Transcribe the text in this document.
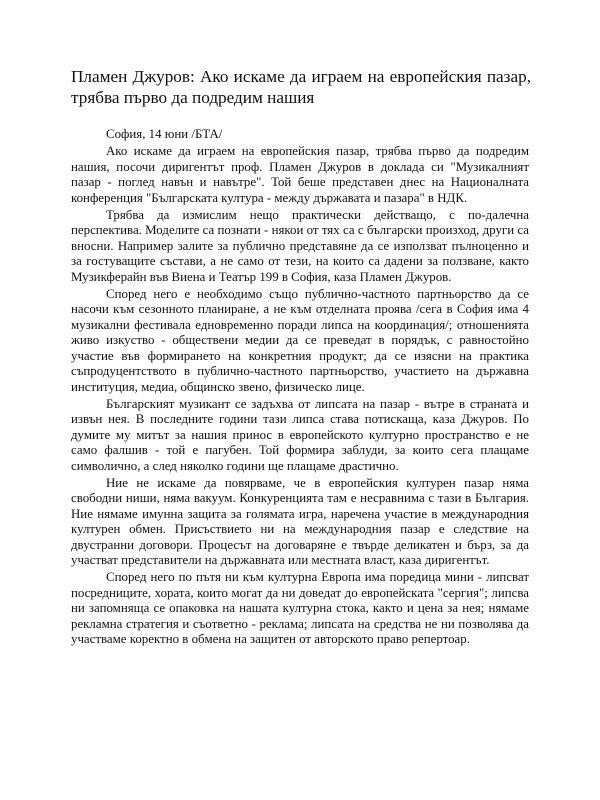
Пламен Джуров: Ако искаме да играем на европейския пазар, трябва първо да подредим нашия

София, 14 юни /БТА/

Ако искаме да играем на европейския пазар, трябва първо да подредим нашия, посочи диригентът проф. Пламен Джуров в доклада си "Музикалният пазар - поглед навън и навътре". Той беше представен днес на Националната конференция "Българската култура - между държавата и пазара" в НДК.

Трябва да измислим нещо практически действащо, с по-далечна перспектива. Моделите са познати - някои от тях са с български произход, други са вносни. Например залите за публично представяне да се използват пълноценно и за гостуващите състави, а не само от тези, на които са дадени за ползване, както Музикферайн във Виена и Театър 199 в София, каза Пламен Джуров.

Според него е необходимо също публично-частното партньорство да се насочи към сезонното планиране, а не към отделната проява /сега в София има 4 музикални фестивала едновременно поради липса на координация/; отношенията живо изкуство - обществени медии да се преведат в порядък, с равностойно участие във формирането на конкретния продукт; да се изясни на практика съпродуцентството в публично-частното партньорство, участието на държавна институция, медиа, общинско звено, физическо лице.

Българският музикант се задъхва от липсата на пазар - вътре в страната и извън нея. В последните години тази липса става потискаща, каза Джуров. По думите му митът за нашия принос в европейското културно пространство е не само фалшив - той е пагубен. Той формира заблуди, за които сега плащаме символично, а след няколко години ще плащаме драстично.

Ние не искаме да повярваме, че в европейския културен пазар няма свободни ниши, няма вакуум. Конкуренцията там е несравнима с тази в България. Ние нямаме имунна защита за голямата игра, наречена участие в международния културен обмен. Присъствието ни на международния пазар е следствие на двустранни договори. Процесът на договаряне е твърде деликатен и бърз, за да участват представители на държавната или местната власт, каза диригентът.

Според него по пътя ни към културна Европа има поредица мини - липсват посредниците, хората, които могат да ни доведат до европейската "сергия"; липсва ни запомняща се опаковка на нашата културна стока, както и цена за нея; нямаме рекламна стратегия и съответно - реклама; липсата на средства не ни позволява да участваме коректно в обмена на защитен от авторското право репертоар.
